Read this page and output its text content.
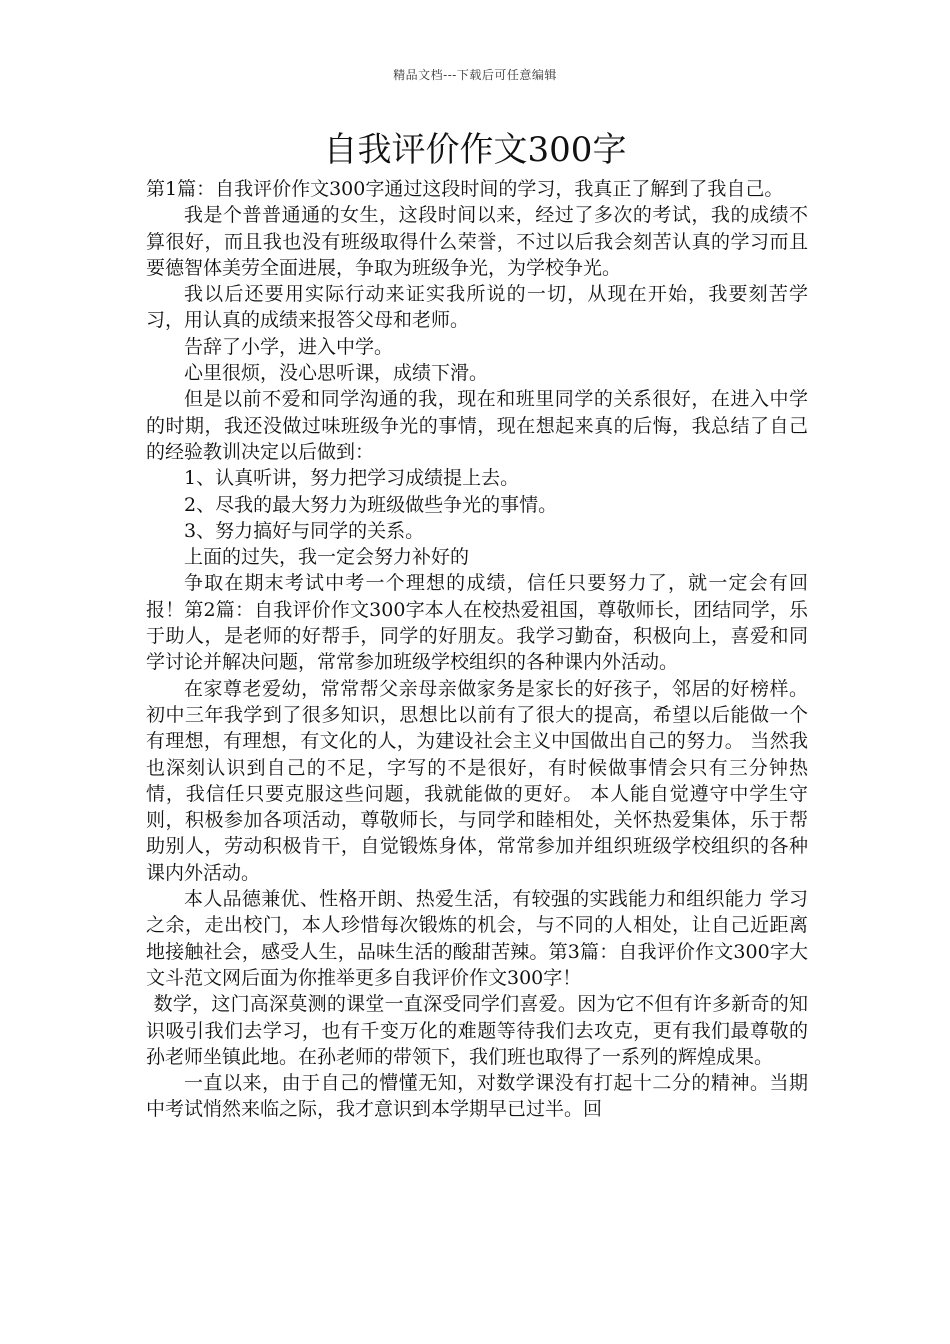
精品文档---下载后可任意编辑
自我评价作文300字

第1篇：自我评价作文300字通过这段时间的学习，我真正了解到了我自己。

我是个普普通通的女生，这段时间以来，经过了多次的考试，我的成绩不算很好，而且我也没有班级取得什么荣誉，不过以后我会刻苦认真的学习而且要德智体美劳全面进展，争取为班级争光，为学校争光。

我以后还要用实际行动来证实我所说的一切，从现在开始，我要刻苦学习，用认真的成绩来报答父母和老师。

告辞了小学，进入中学。

心里很烦，没心思听课，成绩下滑。

但是以前不爱和同学沟通的我，现在和班里同学的关系很好，在进入中学的时期，我还没做过味班级争光的事情，现在想起来真的后悔，我总结了自己的经验教训决定以后做到：

1、认真听讲，努力把学习成绩提上去。

2、尽我的最大努力为班级做些争光的事情。

3、努力搞好与同学的关系。

上面的过失，我一定会努力补好的

争取在期末考试中考一个理想的成绩，信任只要努力了，就一定会有回报！第2篇：自我评价作文300字本人在校热爱祖国，尊敬师长，团结同学，乐于助人，是老师的好帮手，同学的好朋友。我学习勤奋，积极向上，喜爱和同学讨论并解决问题，常常参加班级学校组织的各种课内外活动。

在家尊老爱幼，常常帮父亲母亲做家务是家长的好孩子，邻居的好榜样。 初中三年我学到了很多知识，思想比以前有了很大的提高，希望以后能做一个有理想，有理想，有文化的人，为建设社会主义中国做出自己的努力。 当然我也深刻认识到自己的不足，字写的不是很好，有时候做事情会只有三分钟热情，我信任只要克服这些问题，我就能做的更好。 本人能自觉遵守中学生守则，积极参加各项活动，尊敬师长，与同学和睦相处，关怀热爱集体，乐于帮助别人，劳动积极肯干，自觉锻炼身体，常常参加并组织班级学校组织的各种课内外活动。

本人品德兼优、性格开朗、热爱生活，有较强的实践能力和组织能力 学习之余，走出校门，本人珍惜每次锻炼的机会，与不同的人相处，让自己近距离地接触社会，感受人生，品味生活的酸甜苦辣。第3篇：自我评价作文300字大文斗范文网后面为你推举更多自我评价作文300字！

数学，这门高深莫测的课堂一直深受同学们喜爱。因为它不但有许多新奇的知识吸引我们去学习，也有千变万化的难题等待我们去攻克，更有我们最尊敬的孙老师坐镇此地。在孙老师的带领下，我们班也取得了一系列的辉煌成果。

一直以来，由于自己的懵懂无知，对数学课没有打起十二分的精神。当期中考试悄然来临之际，我才意识到本学期早已过半。回
